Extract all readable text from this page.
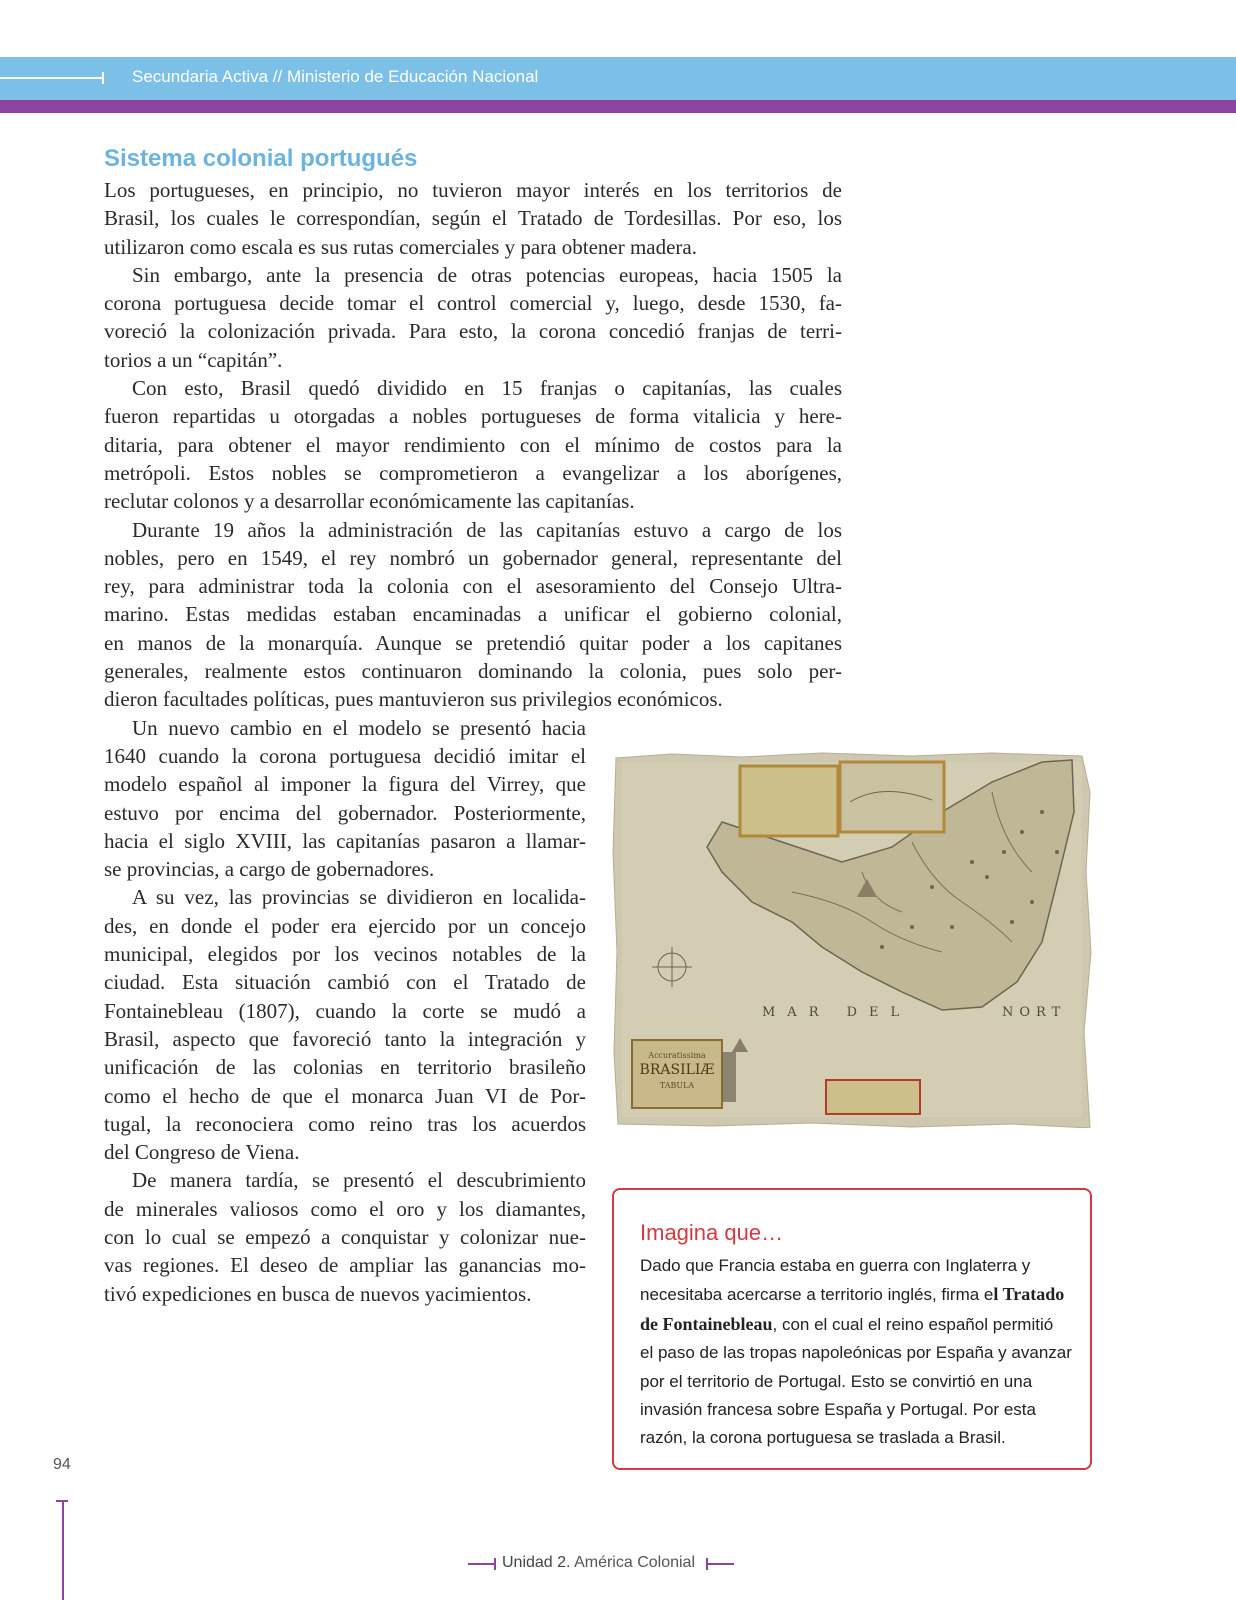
Secundaria Activa // Ministerio de Educación Nacional
Sistema colonial portugués
Los portugueses, en principio, no tuvieron mayor interés en los territorios de
Brasil, los cuales le correspondían, según el Tratado de Tordesillas. Por eso, los
utilizaron como escala es sus rutas comerciales y para obtener madera.
Sin embargo, ante la presencia de otras potencias europeas, hacia 1505 la
corona portuguesa decide tomar el control comercial y, luego, desde 1530, fa-
voreció la colonización privada. Para esto, la corona concedió franjas de terri-
torios a un “capitán”.
Con esto, Brasil quedó dividido en 15 franjas o capitanías, las cuales
fueron repartidas u otorgadas a nobles portugueses de forma vitalicia y here-
ditaria, para obtener el mayor rendimiento con el mínimo de costos para la
metrópoli. Estos nobles se comprometieron a evangelizar a los aborígenes,
reclutar colonos y a desarrollar económicamente las capitanías.
Durante 19 años la administración de las capitanías estuvo a cargo de los
nobles, pero en 1549, el rey nombró un gobernador general, representante del
rey, para administrar toda la colonia con el asesoramiento del Consejo Ultra-
marino. Estas medidas estaban encaminadas a unificar el gobierno colonial,
en manos de la monarquía. Aunque se pretendió quitar poder a los capitanes
generales, realmente estos continuaron dominando la colonia, pues solo per-
dieron facultades políticas, pues mantuvieron sus privilegios económicos.
Un nuevo cambio en el modelo se presentó hacia
1640 cuando la corona portuguesa decidió imitar el
modelo español al imponer la figura del Virrey, que
estuvo por encima del gobernador. Posteriormente,
hacia el siglo XVIII, las capitanías pasaron a llamar-
se provincias, a cargo de gobernadores.
A su vez, las provincias se dividieron en localida-
des, en donde el poder era ejercido por un concejo
municipal, elegidos por los vecinos notables de la
ciudad. Esta situación cambió con el Tratado de
Fontainebleau (1807), cuando la corte se mudó a
Brasil, aspecto que favoreció tanto la integración y
unificación de las colonias en territorio brasileño
como el hecho de que el monarca Juan VI de Por-
tugal, la reconociera como reino tras los acuerdos
del Congreso de Viena.
De manera tardía, se presentó el descubrimiento
de minerales valiosos como el oro y los diamantes,
con lo cual se empezó a conquistar y colonizar nue-
vas regiones. El deseo de ampliar las ganancias mo-
tivó expediciones en busca de nuevos yacimientos.
Accuratissima
BRASILIÆ
TABULA
MAR DEL	NORT
Imagina que…
Dado que Francia estaba en guerra con Inglaterra y
necesitaba acercarse a territorio inglés, firma el Tratado
de Fontainebleau, con el cual el reino español permitió
el paso de las tropas napoleónicas por España y avanzar
por el territorio de Portugal. Esto se convirtió en una
invasión francesa sobre España y Portugal. Por esta
razón, la corona portuguesa se traslada a Brasil.
94
Unidad 2. América Colonial
